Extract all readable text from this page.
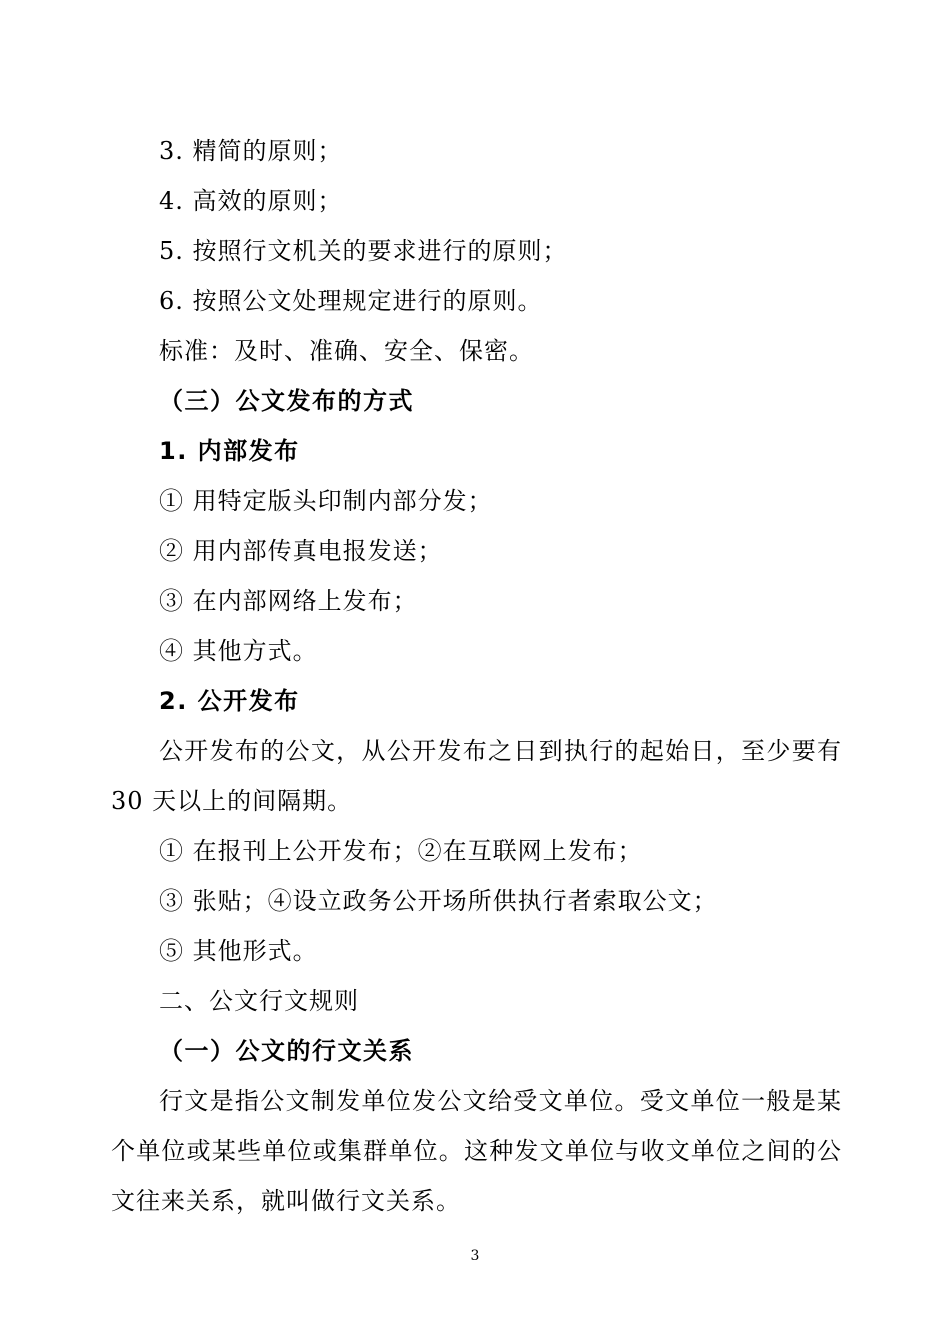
3. 精简的原则；
4. 高效的原则；
5. 按照行文机关的要求进行的原则；
6. 按照公文处理规定进行的原则。
标准：及时、准确、安全、保密。
（三）公文发布的方式
1. 内部发布
① 用特定版头印制内部分发；
② 用内部传真电报发送；
③ 在内部网络上发布；
④ 其他方式。
2. 公开发布
公开发布的公文，从公开发布之日到执行的起始日，至少要有
30 天以上的间隔期。
① 在报刊上公开发布；②在互联网上发布；
③ 张贴；④设立政务公开场所供执行者索取公文；
⑤ 其他形式。
二、公文行文规则
（一）公文的行文关系
行文是指公文制发单位发公文给受文单位。受文单位一般是某
个单位或某些单位或集群单位。这种发文单位与收文单位之间的公
文往来关系，就叫做行文关系。
3
